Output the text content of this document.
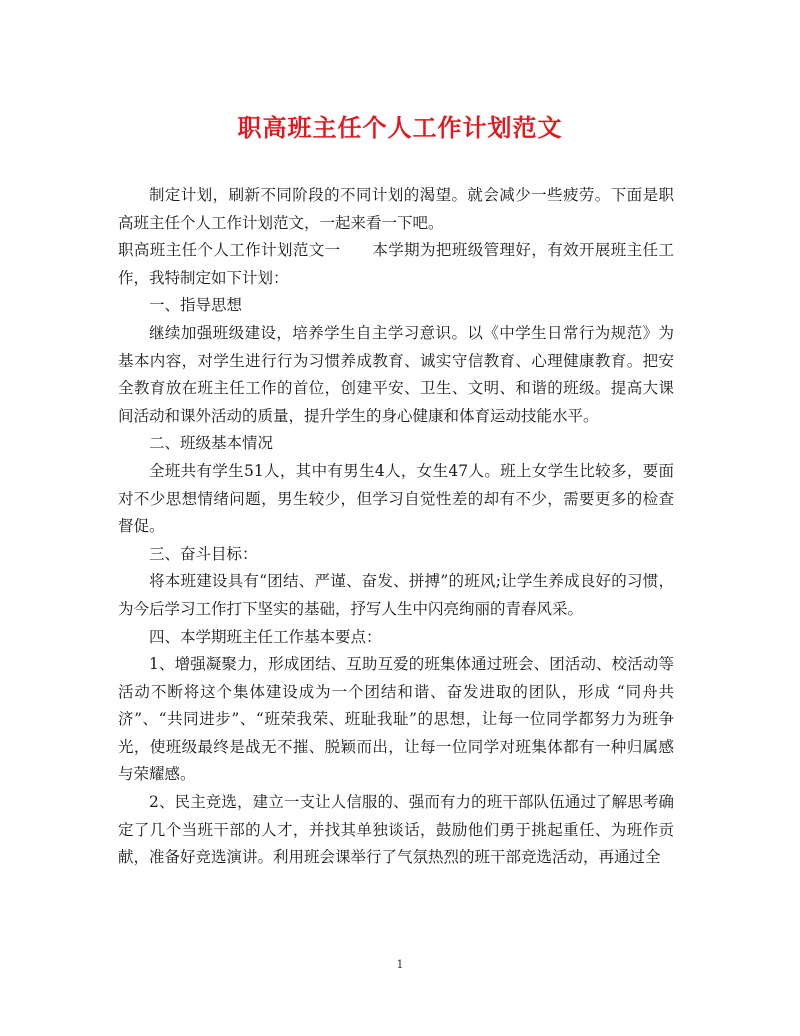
职高班主任个人工作计划范文

制定计划，刷新不同阶段的不同计划的渴望。就会减少一些疲劳。下面是职高班主任个人工作计划范文，一起来看一下吧。

职高班主任个人工作计划范文一　　本学期为把班级管理好，有效开展班主任工作，我特制定如下计划：

一、指导思想

继续加强班级建设，培养学生自主学习意识。以《中学生日常行为规范》为基本内容，对学生进行行为习惯养成教育、诚实守信教育、心理健康教育。把安全教育放在班主任工作的首位，创建平安、卫生、文明、和谐的班级。提高大课间活动和课外活动的质量，提升学生的身心健康和体育运动技能水平。

二、班级基本情况

全班共有学生51人，其中有男生4人，女生47人。班上女学生比较多，要面对不少思想情绪问题，男生较少，但学习自觉性差的却有不少，需要更多的检查督促。

三、奋斗目标：

将本班建设具有“团结、严谨、奋发、拼搏”的班风;让学生养成良好的习惯，为今后学习工作打下坚实的基础，抒写人生中闪亮绚丽的青春风采。

四、本学期班主任工作基本要点：

1、增强凝聚力，形成团结、互助互爱的班集体通过班会、团活动、校活动等活动不断将这个集体建设成为一个团结和谐、奋发进取的团队，形成 “同舟共济”、“共同进步”、“班荣我荣、班耻我耻”的思想，让每一位同学都努力为班争光，使班级最终是战无不摧、脱颖而出，让每一位同学对班集体都有一种归属感与荣耀感。

2、民主竞选，建立一支让人信服的、强而有力的班干部队伍通过了解思考确定了几个当班干部的人才，并找其单独谈话，鼓励他们勇于挑起重任、为班作贡献，准备好竞选演讲。利用班会课举行了气氛热烈的班干部竞选活动，再通过全

1
